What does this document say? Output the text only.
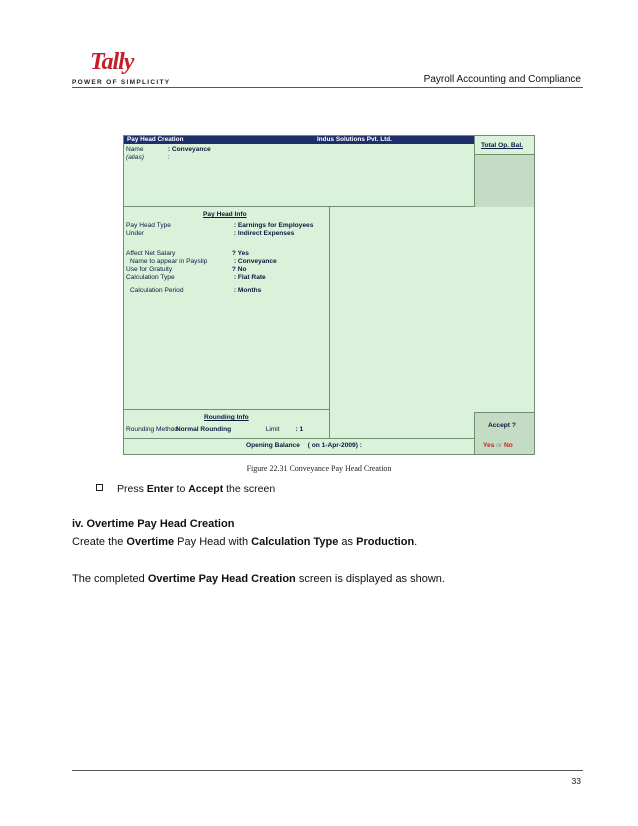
Tally
POWER OF SIMPLICITY	Payroll Accounting and Compliance
Pay Head Creation	Indus Solutions Pvt. Ltd.
Name	: Conveyance
(alias)	:
Total Op. Bal.
Pay Head Info
Pay Head Type	: Earnings for Employees
Under	: Indirect Expenses
Affect Net Salary	? Yes
Name to appear in Payslip	: Conveyance
Use for Gratuity	? No
Calculation Type	: Flat Rate
Calculation Period	: Months
Rounding Info
Rounding Method : Normal Rounding	Limit : 1
Opening Balance ( on 1-Apr-2009) :
Accept ?
Yes or No
Figure 22.31 Conveyance Pay Head Creation
Press Enter to Accept the screen
iv. Overtime Pay Head Creation
Create the Overtime Pay Head with Calculation Type as Production.
The completed Overtime Pay Head Creation screen is displayed as shown.
33
